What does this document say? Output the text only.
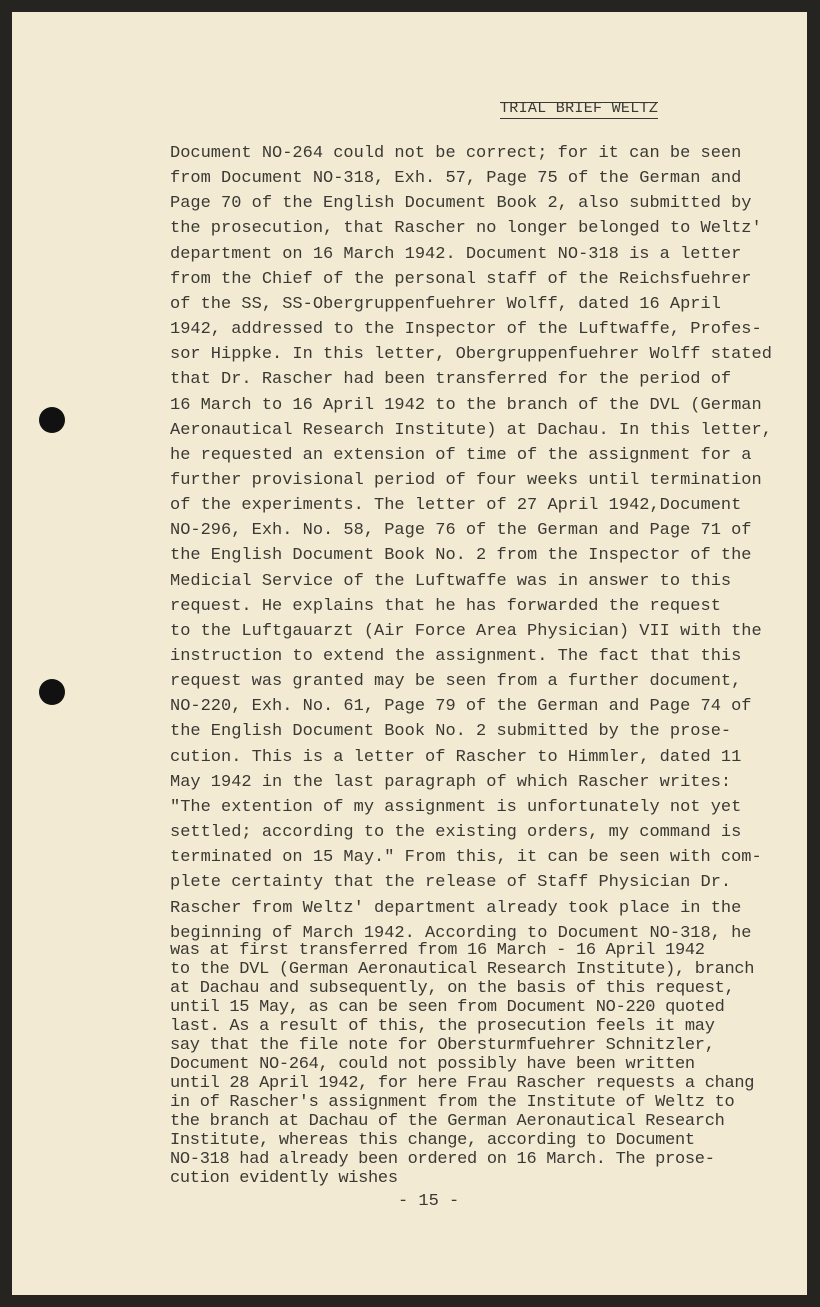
TRIAL BRIEF WELTZ
Document NO-264 could not be correct; for it can be seen
from Document NO-318, Exh. 57, Page 75 of the German and
Page 70 of the English Document Book 2, also submitted by
the prosecution, that Rascher no longer belonged to Weltz'
department on 16 March 1942. Document NO-318 is a letter
from the Chief of the personal staff of the Reichsfuehrer
of the SS, SS-Obergruppenfuehrer Wolff, dated 16 April
1942, addressed to the Inspector of the Luftwaffe, Profes-
sor Hippke. In this letter, Obergruppenfuehrer Wolff stated
that Dr. Rascher had been transferred for the period of
16 March to 16 April 1942 to the branch of the DVL (German
Aeronautical Research Institute) at Dachau. In this letter,
he requested an extension of time of the assignment for a
further provisional period of four weeks until termination
of the experiments. The letter of 27 April 1942,Document
NO-296, Exh. No. 58, Page 76 of the German and Page 71 of
the English Document Book No. 2 from the Inspector of the
Medicial Service of the Luftwaffe was in answer to this
request. He explains that he has forwarded the request
to the Luftgauarzt (Air Force Area Physician) VII with the
instruction to extend the assignment. The fact that this
request was granted may be seen from a further document,
NO-220, Exh. No. 61, Page 79 of the German and Page 74 of
the English Document Book No. 2 submitted by the prose-
cution. This is a letter of Rascher to Himmler, dated 11
May 1942 in the last paragraph of which Rascher writes:
"The extention of my assignment is unfortunately not yet
settled; according to the existing orders, my command is
terminated on 15 May." From this, it can be seen with com-
plete certainty that the release of Staff Physician Dr.
Rascher from Weltz' department already took place in the
beginning of March 1942. According to Document NO-318, he
was at first transferred from 16 March - 16 April 1942
to the DVL (German Aeronautical Research Institute), branch
at Dachau and subsequently, on the basis of this request,
until 15 May, as can be seen from Document NO-220 quoted
last. As a result of this, the prosecution feels it may
say that the file note for Obersturmfuehrer Schnitzler,
Document NO-264, could not possibly have been written
until 28 April 1942, for here Frau Rascher requests a chang
in of Rascher's assignment from the Institute of Weltz to
the branch at Dachau of the German Aeronautical Research
Institute, whereas this change, according to Document
NO-318 had already been ordered on 16 March. The prose-
cution evidently wishes
- 15 -
